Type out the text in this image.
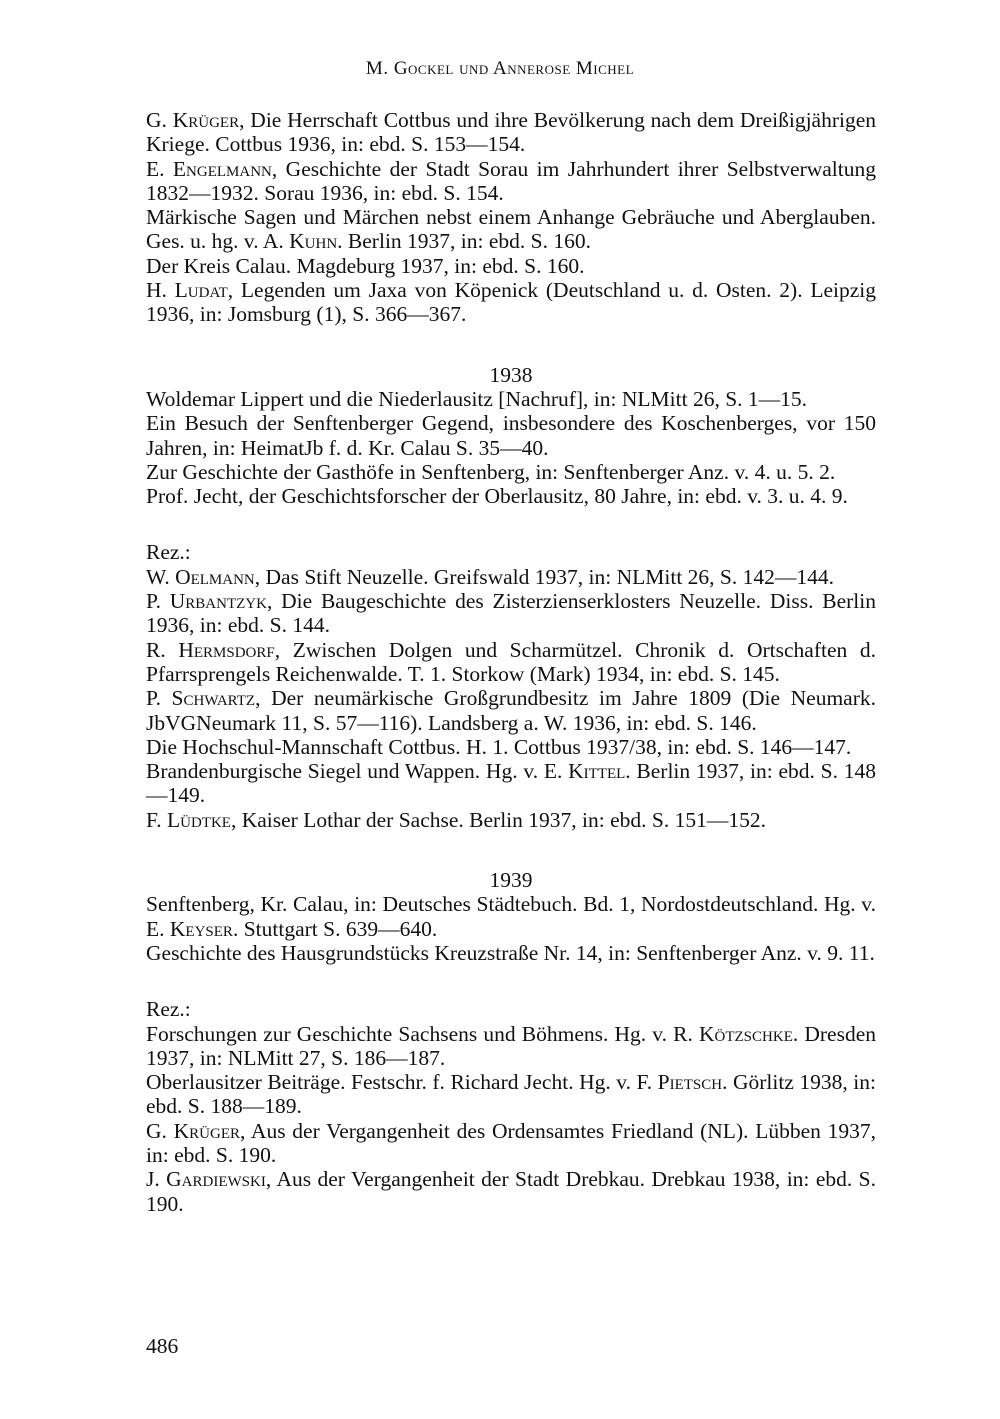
M. Gockel und Annerose Michel

G. Krüger, Die Herrschaft Cottbus und ihre Bevölkerung nach dem Dreißigjährigen Kriege. Cottbus 1936, in: ebd. S. 153—154.

E. Engelmann, Geschichte der Stadt Sorau im Jahrhundert ihrer Selbstverwaltung 1832—1932. Sorau 1936, in: ebd. S. 154.

Märkische Sagen und Märchen nebst einem Anhange Gebräuche und Aberglauben. Ges. u. hg. v. A. Kuhn. Berlin 1937, in: ebd. S. 160.

Der Kreis Calau. Magdeburg 1937, in: ebd. S. 160.

H. Ludat, Legenden um Jaxa von Köpenick (Deutschland u. d. Osten. 2). Leipzig 1936, in: Jomsburg (1), S. 366—367.

1938

Woldemar Lippert und die Niederlausitz [Nachruf], in: NLMitt 26, S. 1—15.

Ein Besuch der Senftenberger Gegend, insbesondere des Koschenberges, vor 150 Jahren, in: HeimatJb f. d. Kr. Calau S. 35—40.

Zur Geschichte der Gasthöfe in Senftenberg, in: Senftenberger Anz. v. 4. u. 5. 2.

Prof. Jecht, der Geschichtsforscher der Oberlausitz, 80 Jahre, in: ebd. v. 3. u. 4. 9.

Rez.:

W. Oelmann, Das Stift Neuzelle. Greifswald 1937, in: NLMitt 26, S. 142—144.

P. Urbantzyk, Die Baugeschichte des Zisterzienserklosters Neuzelle. Diss. Berlin 1936, in: ebd. S. 144.

R. Hermsdorf, Zwischen Dolgen und Scharmützel. Chronik d. Ortschaften d. Pfarrsprengels Reichenwalde. T. 1. Storkow (Mark) 1934, in: ebd. S. 145.

P. Schwartz, Der neumärkische Großgrundbesitz im Jahre 1809 (Die Neumark. JbVGNeumark 11, S. 57—116). Landsberg a. W. 1936, in: ebd. S. 146.

Die Hochschul-Mannschaft Cottbus. H. 1. Cottbus 1937/38, in: ebd. S. 146—147.

Brandenburgische Siegel und Wappen. Hg. v. E. Kittel. Berlin 1937, in: ebd. S. 148—149.

F. Lüdtke, Kaiser Lothar der Sachse. Berlin 1937, in: ebd. S. 151—152.

1939

Senftenberg, Kr. Calau, in: Deutsches Städtebuch. Bd. 1, Nordostdeutschland. Hg. v. E. Keyser. Stuttgart S. 639—640.

Geschichte des Hausgrundstücks Kreuzstraße Nr. 14, in: Senftenberger Anz. v. 9. 11.

Rez.:

Forschungen zur Geschichte Sachsens und Böhmens. Hg. v. R. Kötzschke. Dresden 1937, in: NLMitt 27, S. 186—187.

Oberlausitzer Beiträge. Festschr. f. Richard Jecht. Hg. v. F. Pietsch. Görlitz 1938, in: ebd. S. 188—189.

G. Krüger, Aus der Vergangenheit des Ordensamtes Friedland (NL). Lübben 1937, in: ebd. S. 190.

J. Gardiewski, Aus der Vergangenheit der Stadt Drebkau. Drebkau 1938, in: ebd. S. 190.

486
